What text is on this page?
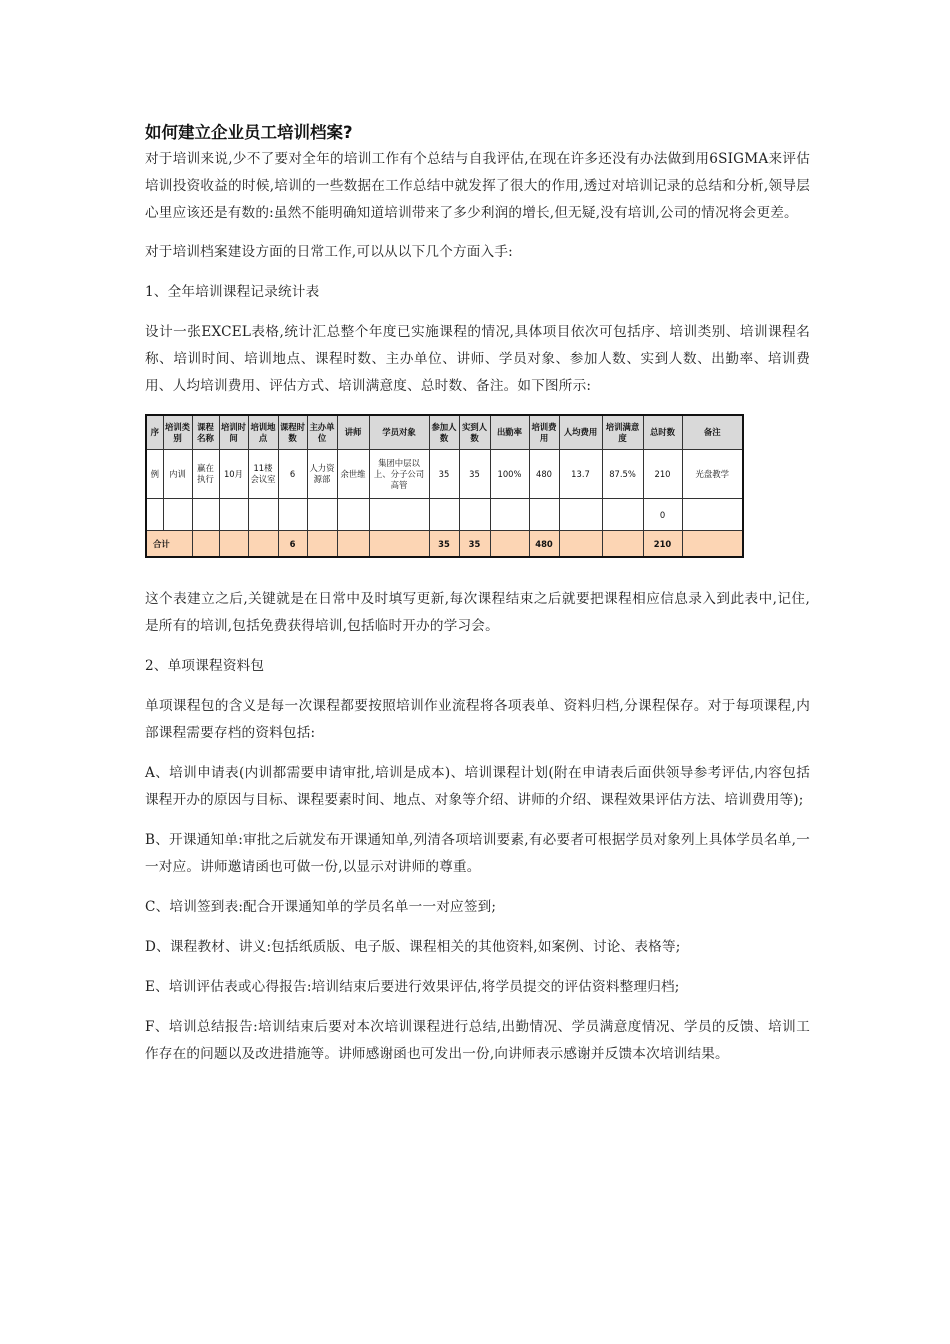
如何建立企业员工培训档案?

对于培训来说,少不了要对全年的培训工作有个总结与自我评估,在现在许多还没有办法做到用6SIGMA来评估培训投资收益的时候,培训的一些数据在工作总结中就发挥了很大的作用,透过对培训记录的总结和分析,领导层心里应该还是有数的:虽然不能明确知道培训带来了多少利润的增长,但无疑,没有培训,公司的情况将会更差。

对于培训档案建设方面的日常工作,可以从以下几个方面入手:

1、全年培训课程记录统计表

设计一张EXCEL表格,统计汇总整个年度已实施课程的情况,具体项目依次可包括序、培训类别、培训课程名称、培训时间、培训地点、课程时数、主办单位、讲师、学员对象、参加人数、实到人数、出勤率、培训费用、人均培训费用、评估方式、培训满意度、总时数、备注。如下图所示:

序	培训类别	课程名称	培训时间	培训地点	课程时数	主办单位	讲师	学员对象	参加人数	实到人数	出勤率	培训费用	人均费用	培训满意度	总时数	备注
例	内训	赢在执行	10月	11楼会议室	6	人力资源部	余世维	集团中层以上、分子公司高管	35	35	100%	480	13.7	87.5%	210	光盘教学
															0	
合计					6				35	35		480			210	

这个表建立之后,关键就是在日常中及时填写更新,每次课程结束之后就要把课程相应信息录入到此表中,记住,是所有的培训,包括免费获得培训,包括临时开办的学习会。

2、单项课程资料包

单项课程包的含义是每一次课程都要按照培训作业流程将各项表单、资料归档,分课程保存。对于每项课程,内部课程需要存档的资料包括:

A、培训申请表(内训都需要申请审批,培训是成本)、培训课程计划(附在申请表后面供领导参考评估,内容包括课程开办的原因与目标、课程要素时间、地点、对象等介绍、讲师的介绍、课程效果评估方法、培训费用等);

B、开课通知单:审批之后就发布开课通知单,列清各项培训要素,有必要者可根据学员对象列上具体学员名单,一一对应。讲师邀请函也可做一份,以显示对讲师的尊重。

C、培训签到表:配合开课通知单的学员名单一一对应签到;

D、课程教材、讲义:包括纸质版、电子版、课程相关的其他资料,如案例、讨论、表格等;

E、培训评估表或心得报告:培训结束后要进行效果评估,将学员提交的评估资料整理归档;

F、培训总结报告:培训结束后要对本次培训课程进行总结,出勤情况、学员满意度情况、学员的反馈、培训工作存在的问题以及改进措施等。讲师感谢函也可发出一份,向讲师表示感谢并反馈本次培训结果。
